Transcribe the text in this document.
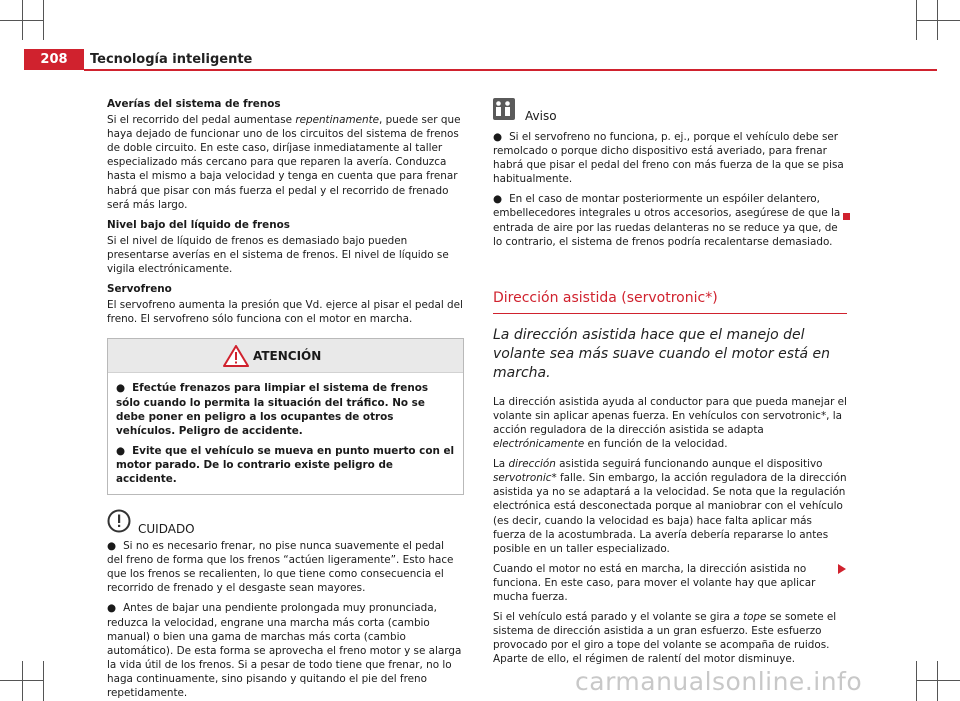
208	Tecnología inteligente
Averías del sistema de frenos
Si el recorrido del pedal aumentase repentinamente, puede ser que haya dejado de funcionar uno de los circuitos del sistema de frenos de doble circuito. En este caso, diríjase inmediatamente al taller especializado más cercano para que reparen la avería. Conduzca hasta el mismo a baja velocidad y tenga en cuenta que para frenar habrá que pisar con más fuerza el pedal y el recorrido de frenado será más largo.
Nivel bajo del líquido de frenos
Si el nivel de líquido de frenos es demasiado bajo pueden presentarse averías en el sistema de frenos. El nivel de líquido se vigila electrónicamente.
Servofreno
El servofreno aumenta la presión que Vd. ejerce al pisar el pedal del freno. El servofreno sólo funciona con el motor en marcha.
ATENCIÓN
● Efectúe frenazos para limpiar el sistema de frenos sólo cuando lo permita la situación del tráfico. No se debe poner en peligro a los ocupantes de otros vehículos. Peligro de accidente.
● Evite que el vehículo se mueva en punto muerto con el motor parado. De lo contrario existe peligro de accidente.
CUIDADO
● Si no es necesario frenar, no pise nunca suavemente el pedal del freno de forma que los frenos “actúen ligeramente”. Esto hace que los frenos se recalienten, lo que tiene como consecuencia el recorrido de frenado y el desgaste sean mayores.
● Antes de bajar una pendiente prolongada muy pronunciada, reduzca la velocidad, engrane una marcha más corta (cambio manual) o bien una gama de marchas más corta (cambio automático). De esta forma se aprovecha el freno motor y se alarga la vida útil de los frenos. Si a pesar de todo tiene que frenar, no lo haga continuamente, sino pisando y quitando el pie del freno repetidamente.
Aviso
● Si el servofreno no funciona, p. ej., porque el vehículo debe ser remolcado o porque dicho dispositivo está averiado, para frenar habrá que pisar el pedal del freno con más fuerza de la que se pisa habitualmente.
● En el caso de montar posteriormente un espóiler delantero, embellecedores integrales u otros accesorios, asegúrese de que la entrada de aire por las ruedas delanteras no se reduce ya que, de lo contrario, el sistema de frenos podría recalentarse demasiado.
Dirección asistida (servotronic*)
La dirección asistida hace que el manejo del volante sea más suave cuando el motor está en marcha.
La dirección asistida ayuda al conductor para que pueda manejar el volante sin aplicar apenas fuerza. En vehículos con servotronic*, la acción reguladora de la dirección asistida se adapta electrónicamente en función de la velocidad.
La dirección asistida seguirá funcionando aunque el dispositivo servotronic* falle. Sin embargo, la acción reguladora de la dirección asistida ya no se adaptará a la velocidad. Se nota que la regulación electrónica está desconectada porque al maniobrar con el vehículo (es decir, cuando la velocidad es baja) hace falta aplicar más fuerza de la acostumbrada. La avería debería repararse lo antes posible en un taller especializado.
Cuando el motor no está en marcha, la dirección asistida no funciona. En este caso, para mover el volante hay que aplicar mucha fuerza.
Si el vehículo está parado y el volante se gira a tope se somete el sistema de dirección asistida a un gran esfuerzo. Este esfuerzo provocado por el giro a tope del volante se acompaña de ruidos. Aparte de ello, el régimen de ralentí del motor disminuye.
carmanualsonline.info
